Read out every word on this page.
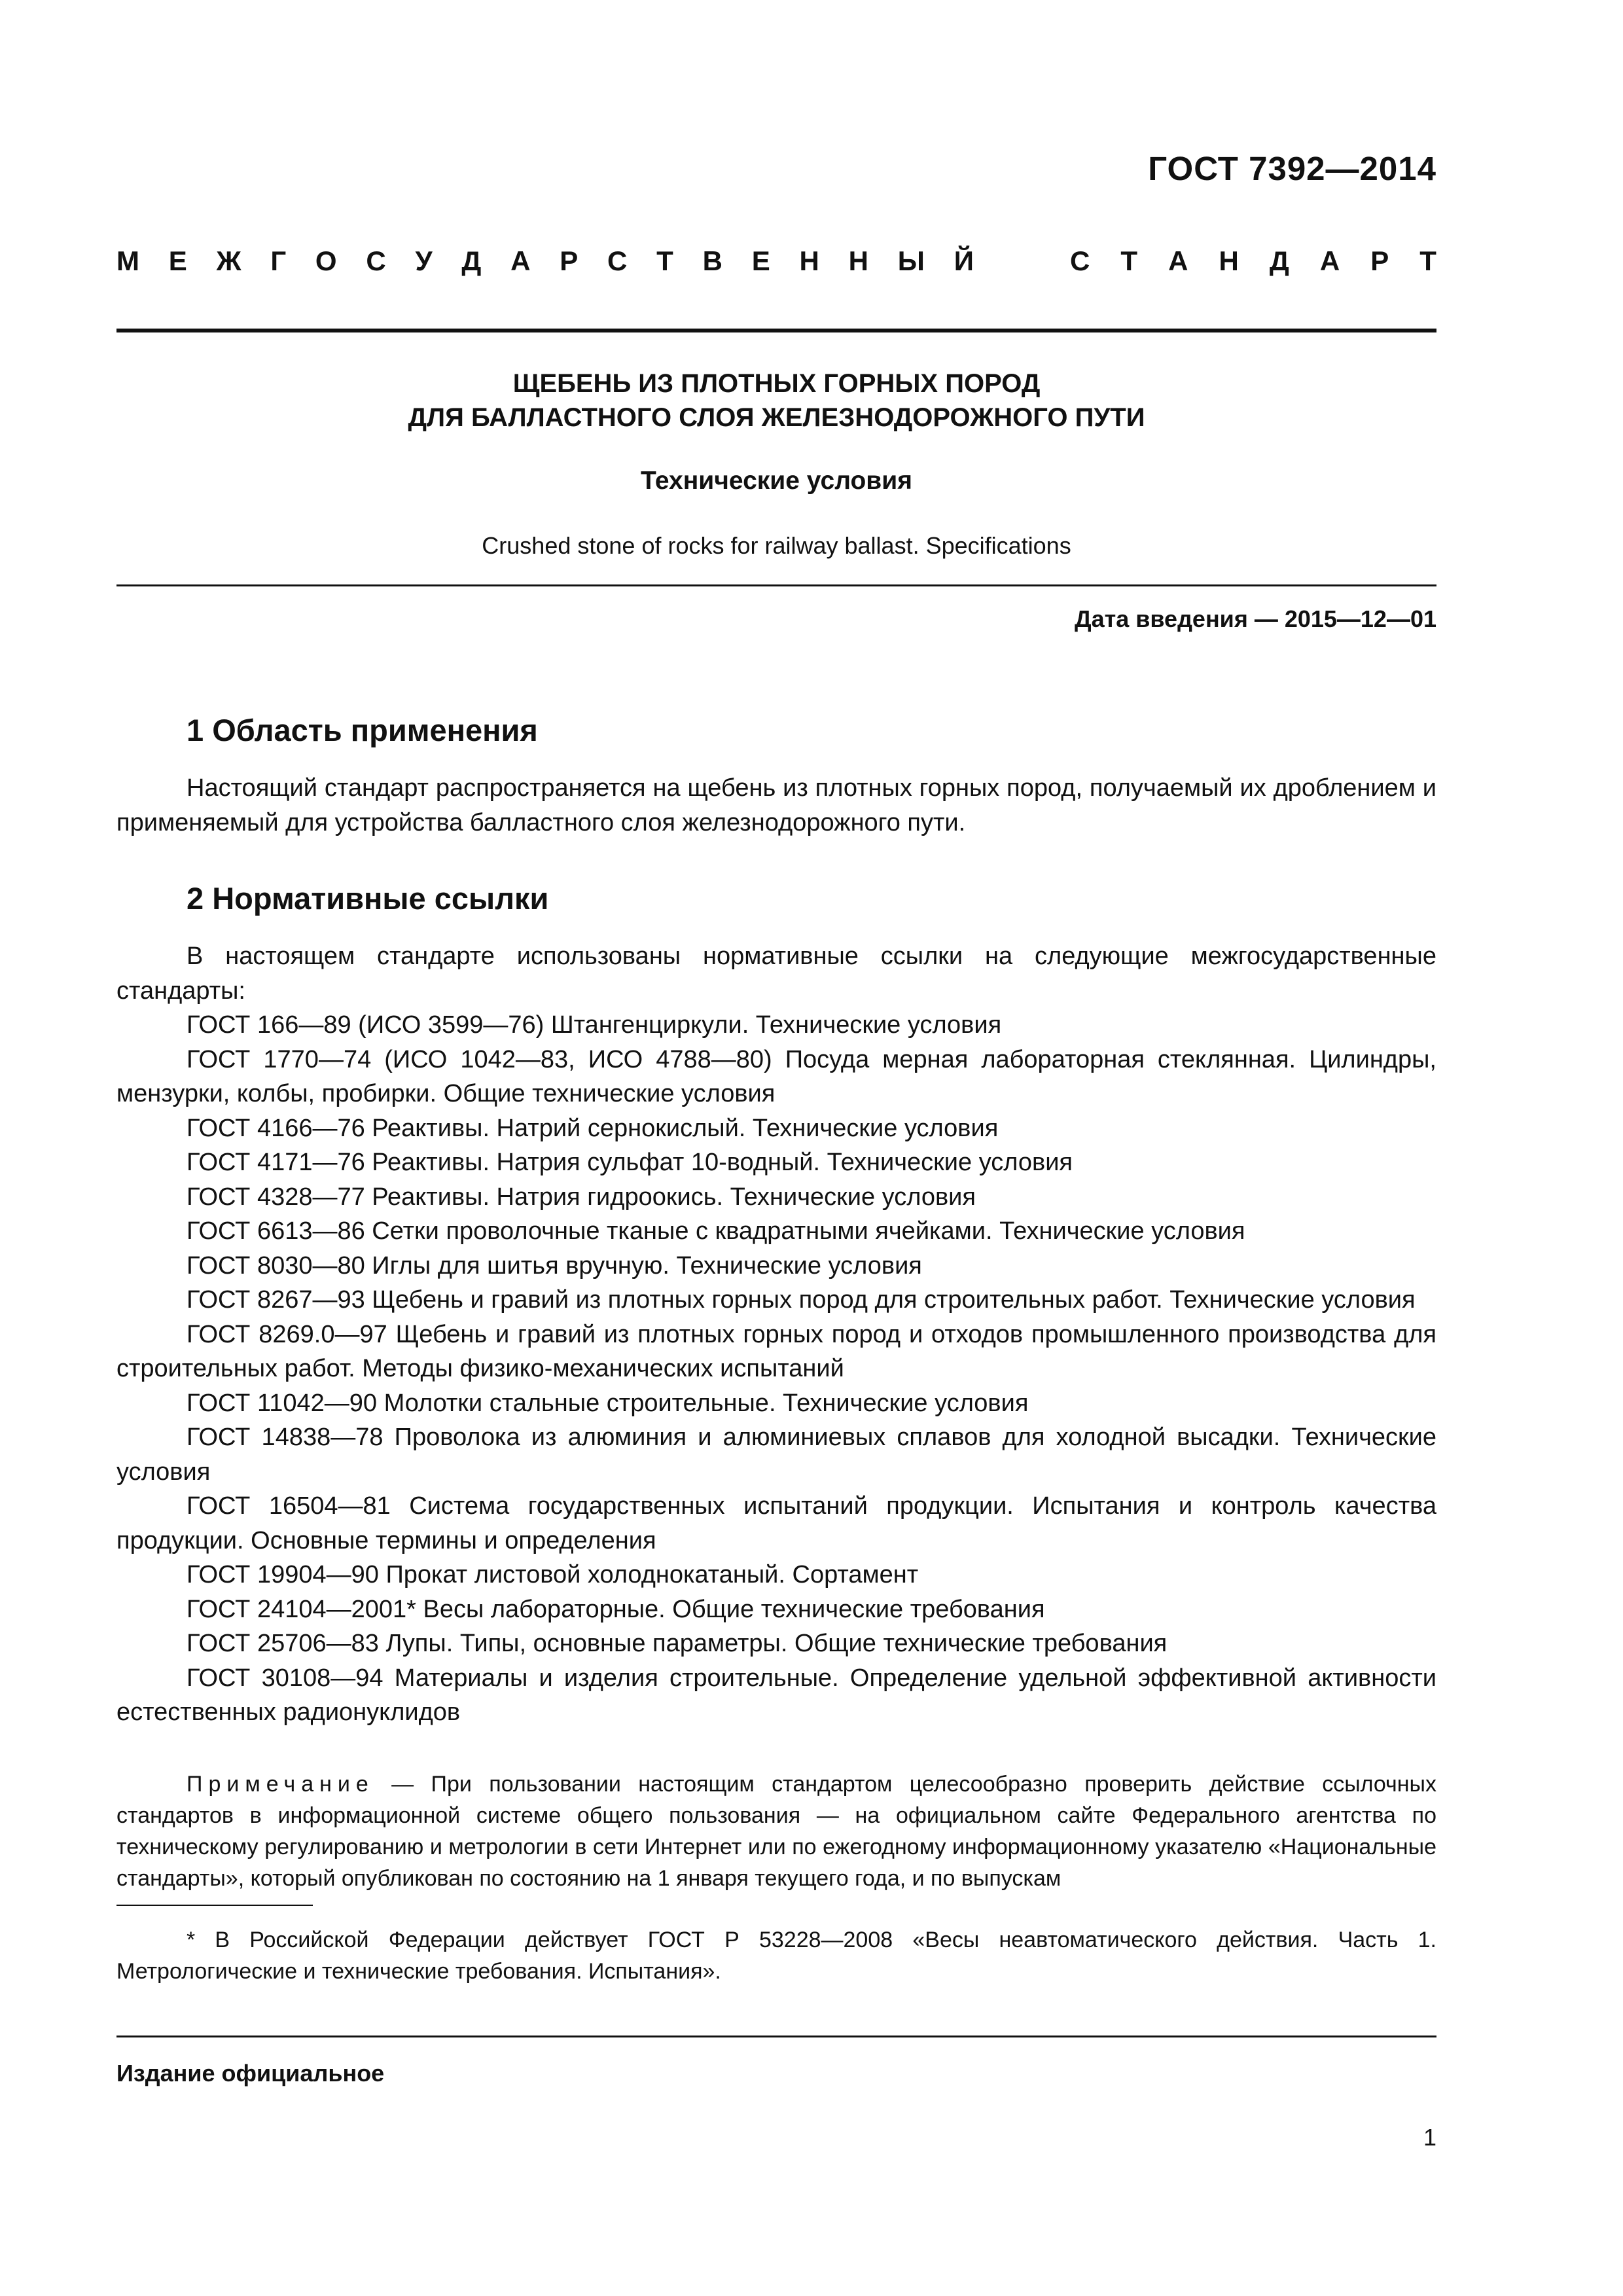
ГОСТ 7392—2014
М Е Ж Г О С У Д А Р С Т В Е Н Н Ы Й	С Т А Н Д А Р Т
ЩЕБЕНЬ ИЗ ПЛОТНЫХ ГОРНЫХ ПОРОД
ДЛЯ БАЛЛАСТНОГО СЛОЯ ЖЕЛЕЗНОДОРОЖНОГО ПУТИ
Технические условия
Crushed stone of rocks for railway ballast. Specifications
Дата введения — 2015—12—01
1 Область применения

Настоящий стандарт распространяется на щебень из плотных горных пород, получаемый их дроблением и применяемый для устройства балластного слоя железнодорожного пути.

2 Нормативные ссылки

В настоящем стандарте использованы нормативные ссылки на следующие межгосударственные стандарты:

ГОСТ 166—89 (ИСО 3599—76) Штангенциркули. Технические условия

ГОСТ 1770—74 (ИСО 1042—83, ИСО 4788—80) Посуда мерная лабораторная стеклянная. Цилиндры, мензурки, колбы, пробирки. Общие технические условия

ГОСТ 4166—76 Реактивы. Натрий сернокислый. Технические условия

ГОСТ 4171—76 Реактивы. Натрия сульфат 10-водный. Технические условия

ГОСТ 4328—77 Реактивы. Натрия гидроокись. Технические условия

ГОСТ 6613—86 Сетки проволочные тканые с квадратными ячейками. Технические условия

ГОСТ 8030—80 Иглы для шитья вручную. Технические условия

ГОСТ 8267—93 Щебень и гравий из плотных горных пород для строительных работ. Технические условия

ГОСТ 8269.0—97 Щебень и гравий из плотных горных пород и отходов промышленного производства для строительных работ. Методы физико-механических испытаний

ГОСТ 11042—90 Молотки стальные строительные. Технические условия

ГОСТ 14838—78 Проволока из алюминия и алюминиевых сплавов для холодной высадки. Технические условия

ГОСТ 16504—81 Система государственных испытаний продукции. Испытания и контроль качества продукции. Основные термины и определения

ГОСТ 19904—90 Прокат листовой холоднокатаный. Сортамент

ГОСТ 24104—2001* Весы лабораторные. Общие технические требования

ГОСТ 25706—83 Лупы. Типы, основные параметры. Общие технические требования

ГОСТ 30108—94 Материалы и изделия строительные. Определение удельной эффективной активности естественных радионуклидов

Примечание — При пользовании настоящим стандартом целесообразно проверить действие ссылочных стандартов в информационной системе общего пользования — на официальном сайте Федерального агентства по техническому регулированию и метрологии в сети Интернет или по ежегодному информационному указателю «Национальные стандарты», который опубликован по состоянию на 1 января текущего года, и по выпускам

* В Российской Федерации действует ГОСТ Р 53228—2008 «Весы неавтоматического действия. Часть 1. Метрологические и технические требования. Испытания».

Издание официальное
1
